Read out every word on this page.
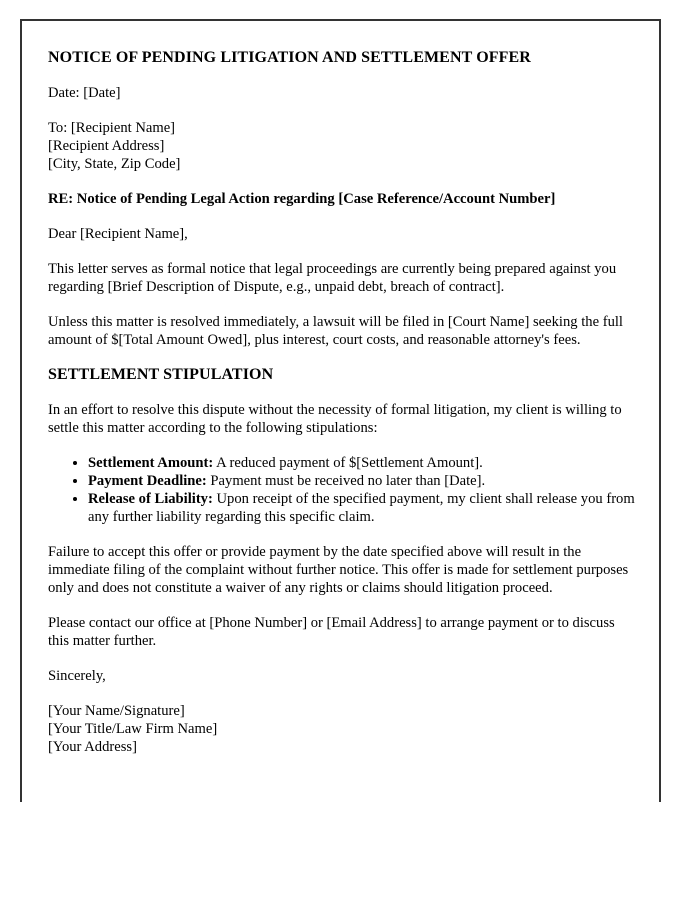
NOTICE OF PENDING LITIGATION AND SETTLEMENT OFFER

Date: [Date]

To: [Recipient Name]
[Recipient Address]
[City, State, Zip Code]

RE: Notice of Pending Legal Action regarding [Case Reference/Account Number]

Dear [Recipient Name],

This letter serves as formal notice that legal proceedings are currently being prepared against you regarding [Brief Description of Dispute, e.g., unpaid debt, breach of contract].

Unless this matter is resolved immediately, a lawsuit will be filed in [Court Name] seeking the full amount of $[Total Amount Owed], plus interest, court costs, and reasonable attorney's fees.

SETTLEMENT STIPULATION

In an effort to resolve this dispute without the necessity of formal litigation, my client is willing to settle this matter according to the following stipulations:

• Settlement Amount: A reduced payment of $[Settlement Amount].
• Payment Deadline: Payment must be received no later than [Date].
• Release of Liability: Upon receipt of the specified payment, my client shall release you from any further liability regarding this specific claim.

Failure to accept this offer or provide payment by the date specified above will result in the immediate filing of the complaint without further notice. This offer is made for settlement purposes only and does not constitute a waiver of any rights or claims should litigation proceed.

Please contact our office at [Phone Number] or [Email Address] to arrange payment or to discuss this matter further.

Sincerely,

[Your Name/Signature]
[Your Title/Law Firm Name]
[Your Address]
